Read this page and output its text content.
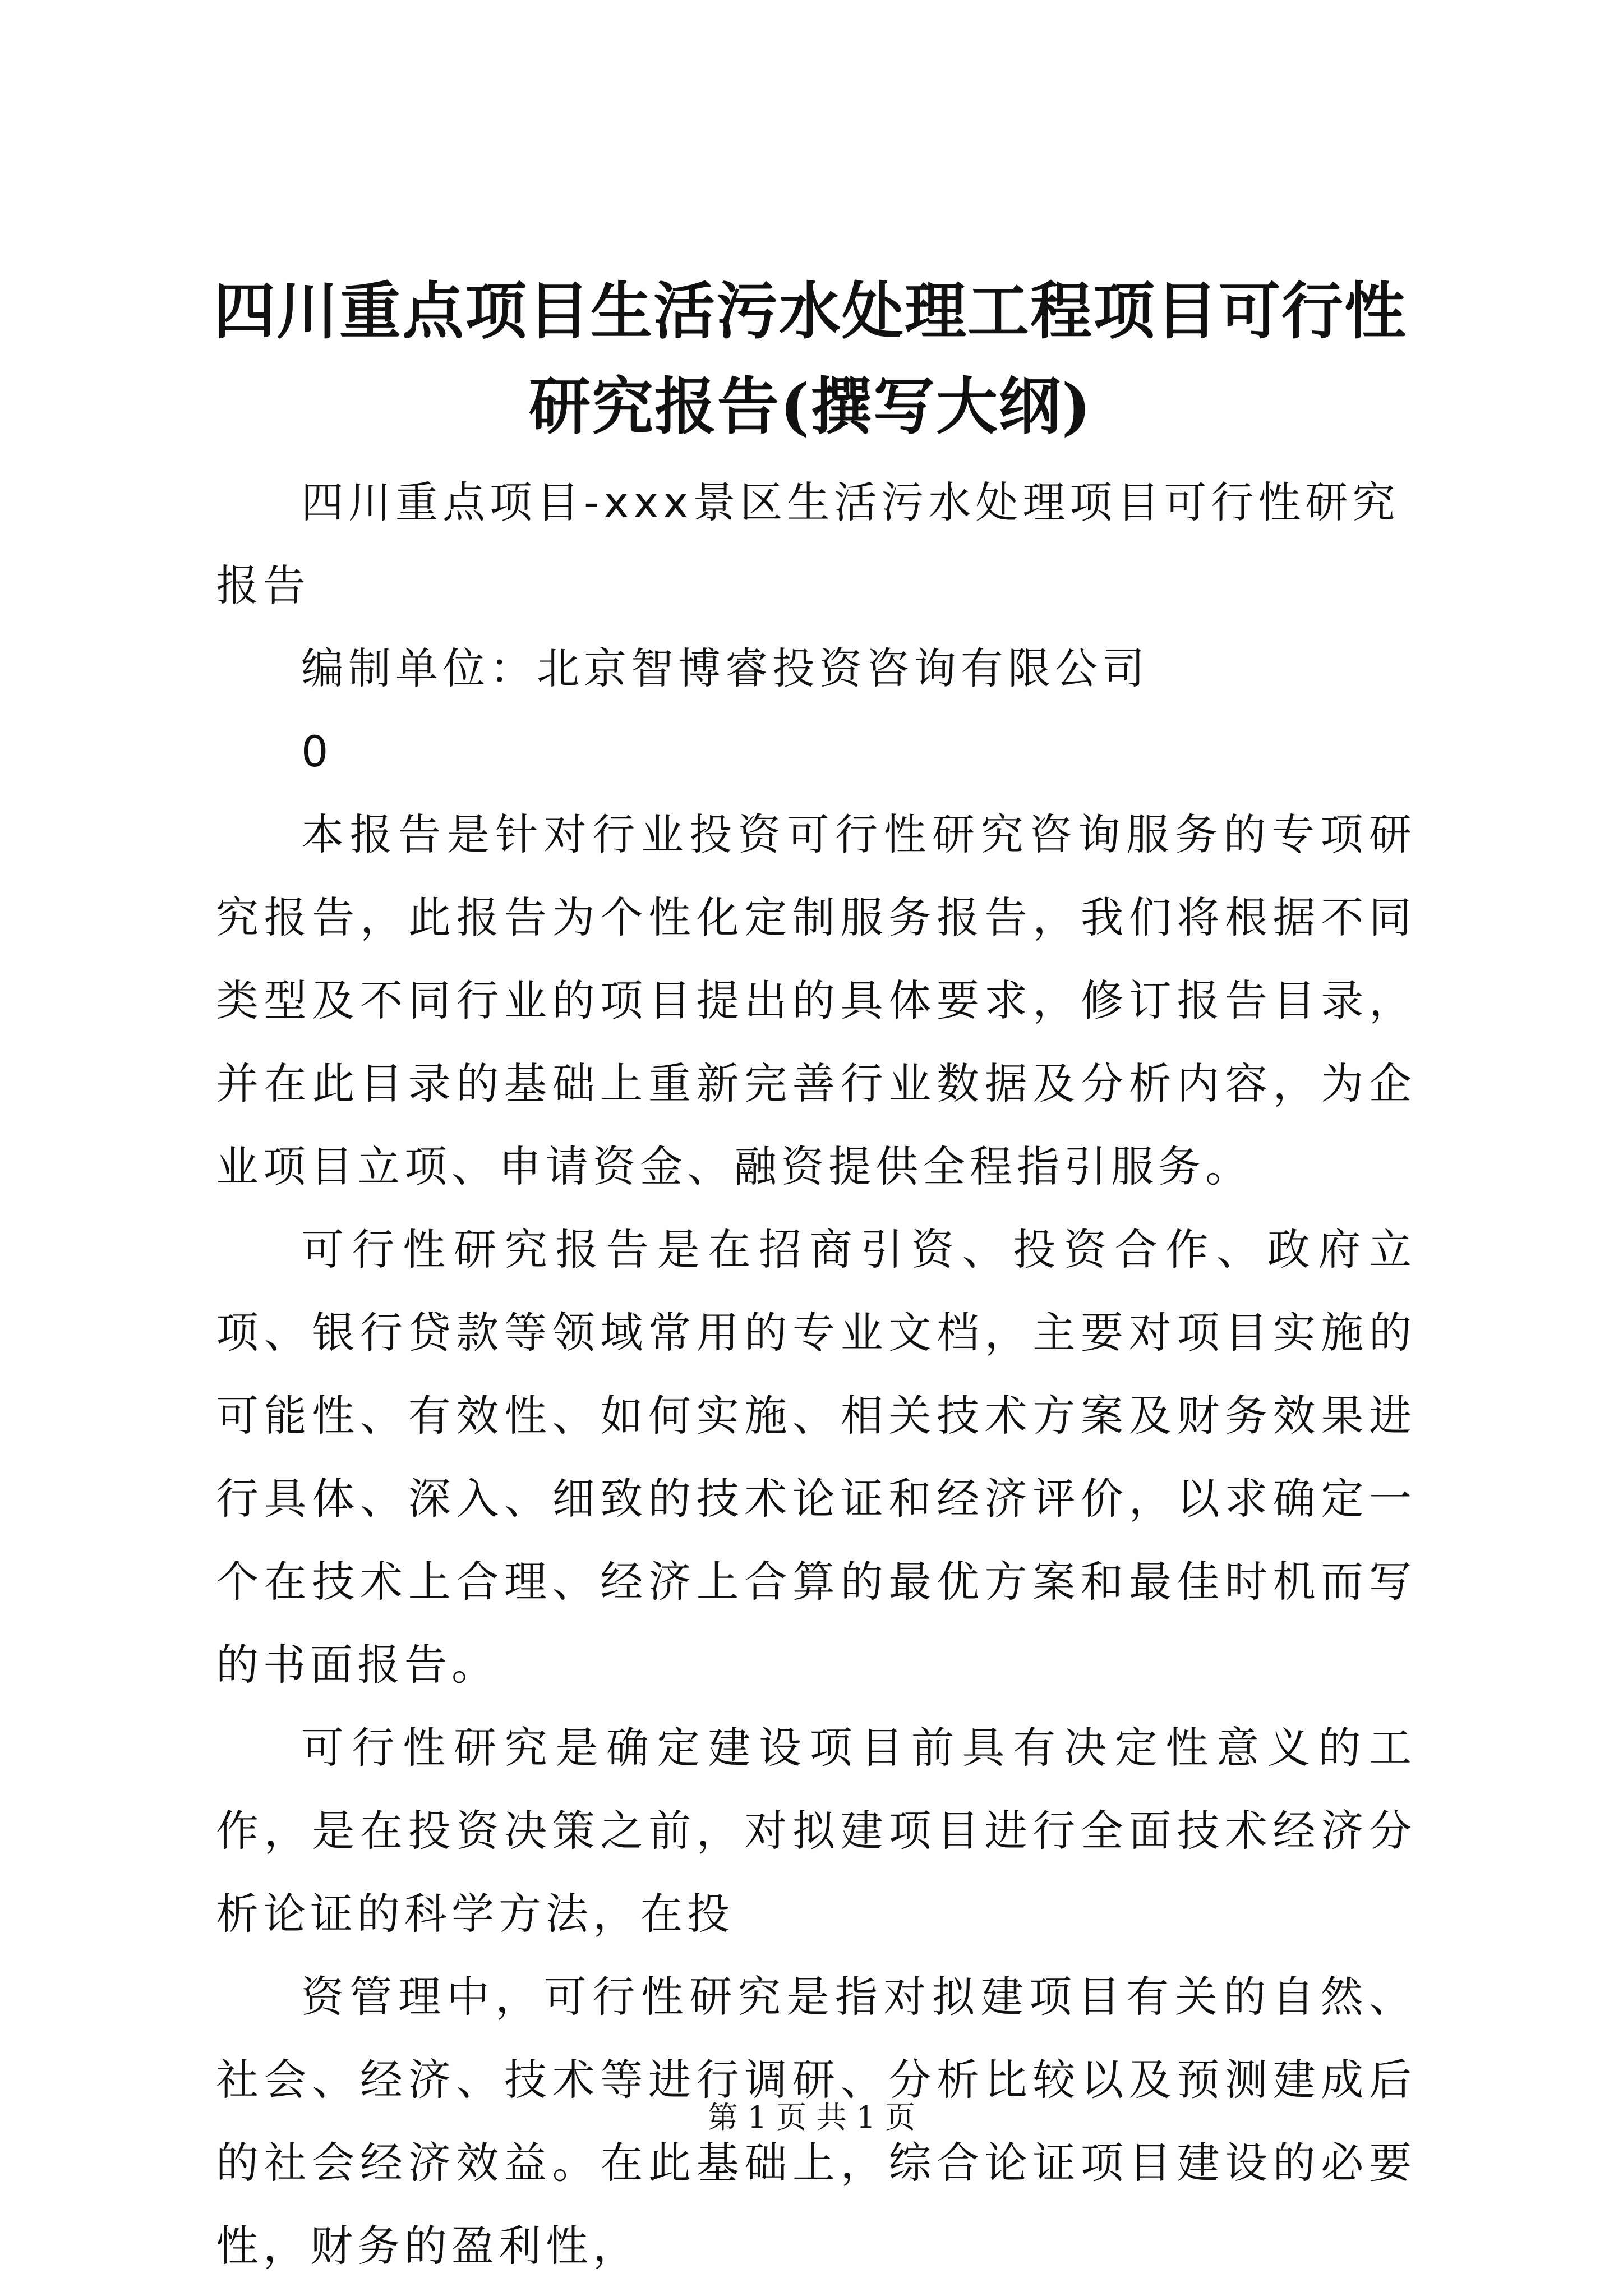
四川重点项目生活污水处理工程项目可行性研究报告(撰写大纲)

四川重点项目-xxx景区生活污水处理项目可行性研究报告

编制单位：北京智博睿投资咨询有限公司

0

本报告是针对行业投资可行性研究咨询服务的专项研究报告，此报告为个性化定制服务报告，我们将根据不同类型及不同行业的项目提出的具体要求，修订报告目录，并在此目录的基础上重新完善行业数据及分析内容，为企业项目立项、申请资金、融资提供全程指引服务。

可行性研究报告是在招商引资、投资合作、政府立项、银行贷款等领域常用的专业文档，主要对项目实施的可能性、有效性、如何实施、相关技术方案及财务效果进行具体、深入、细致的技术论证和经济评价，以求确定一个在技术上合理、经济上合算的最优方案和最佳时机而写的书面报告。

可行性研究是确定建设项目前具有决定性意义的工作，是在投资决策之前，对拟建项目进行全面技术经济分析论证的科学方法，在投

资管理中，可行性研究是指对拟建项目有关的自然、社会、经济、技术等进行调研、分析比较以及预测建成后的社会经济效益。在此基础上，综合论证项目建设的必要性，财务的盈利性，

第 1 页 共 1 页
